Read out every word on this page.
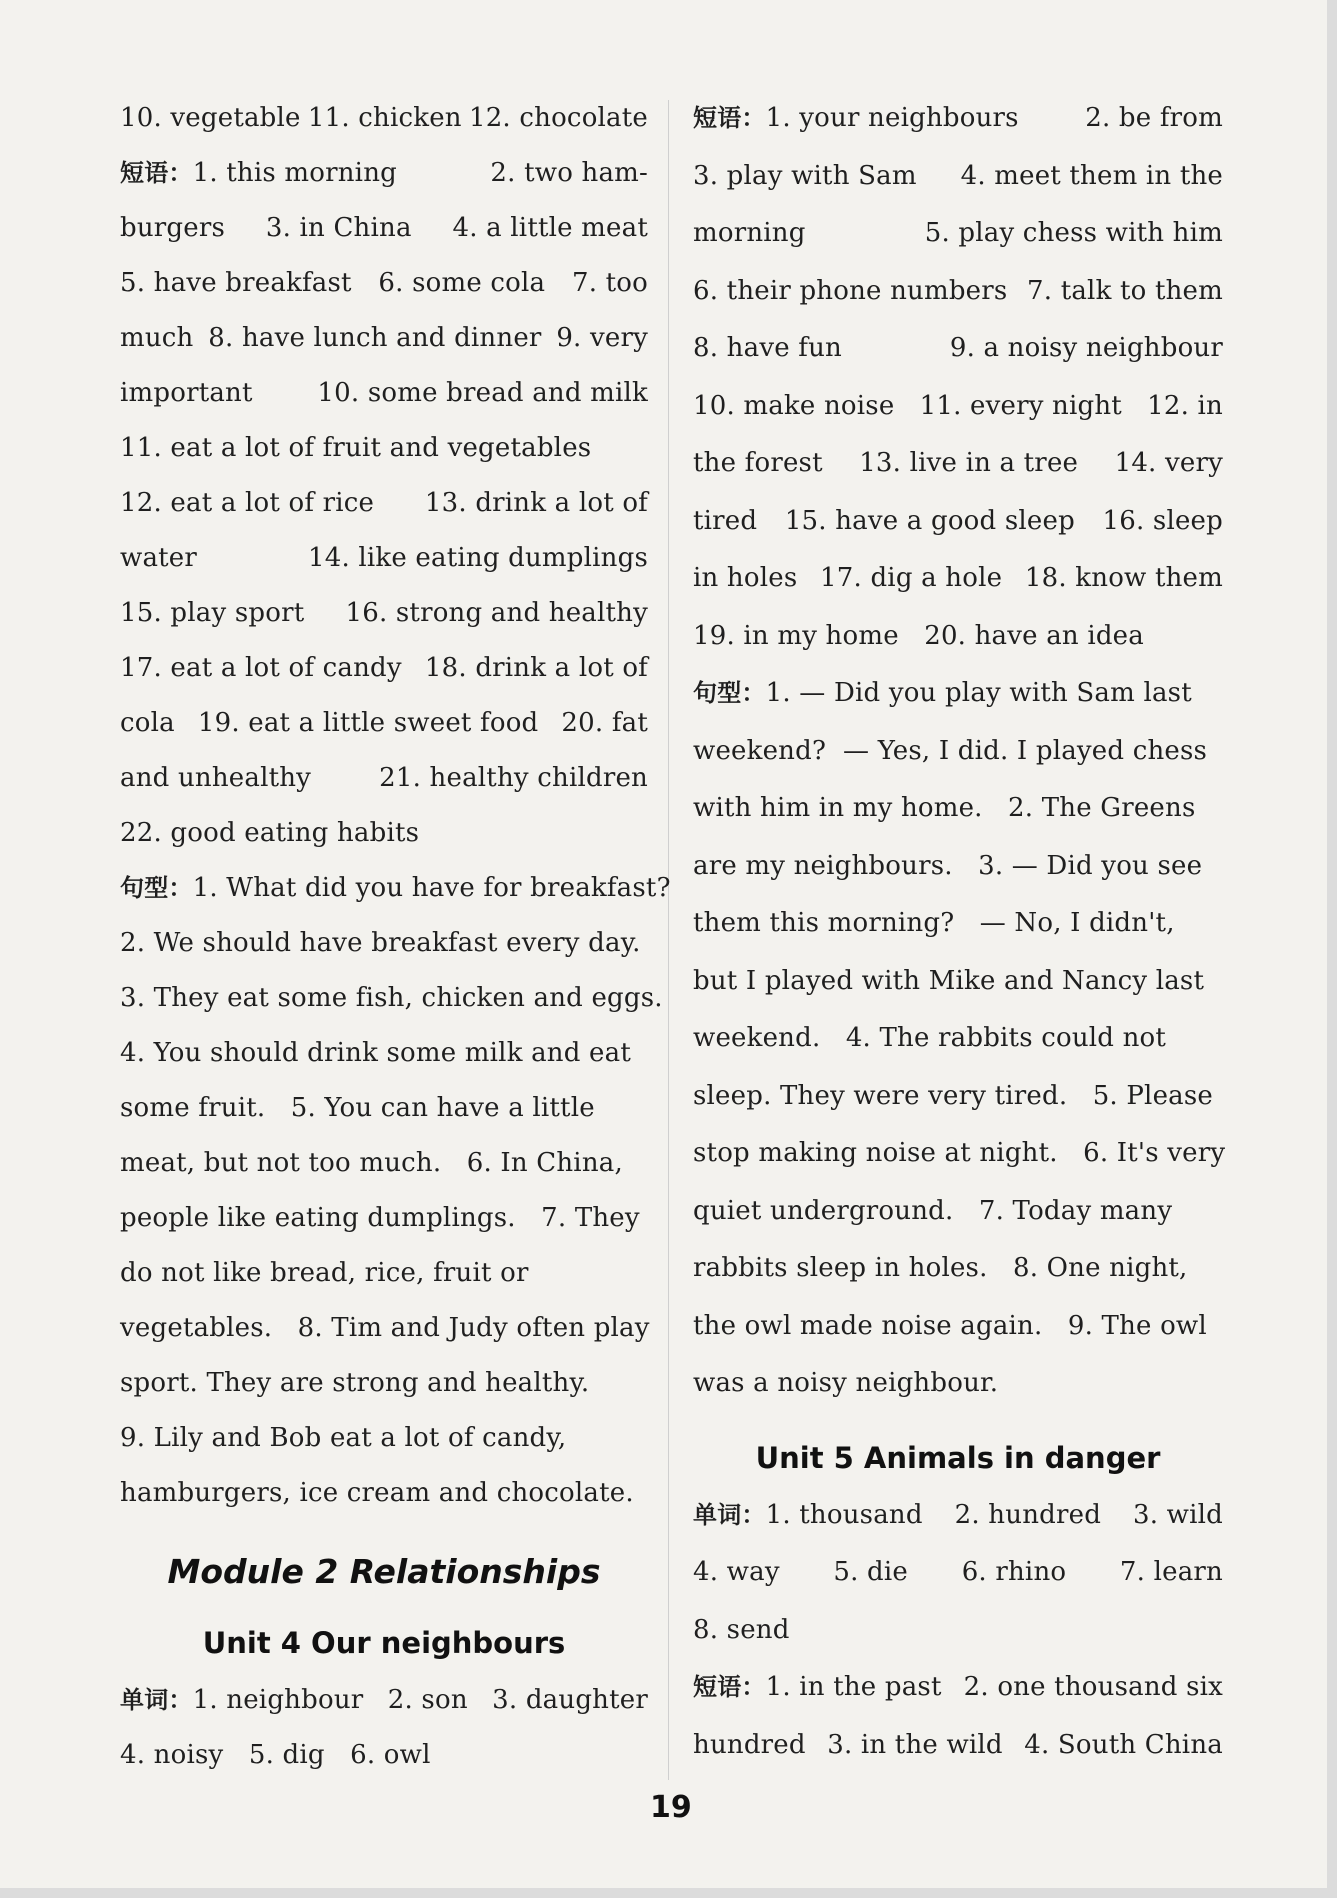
10. vegetable 11. chicken 12. chocolate

短语：1. this morning	2. two ham-

burgers 3. in China 4. a little meat

5. have breakfast 6. some cola 7. too

much 8. have lunch and dinner 9. very

important 10. some bread and milk

11. eat a lot of fruit and vegetables

12. eat a lot of rice 13. drink a lot of

water	14. like eating dumplings

15. play sport 16. strong and healthy

17. eat a lot of candy 18. drink a lot of

cola 19. eat a little sweet food 20. fat

and unhealthy	21. healthy children

22. good eating habits

句型： 1. What did you have for breakfast?

2. We should have breakfast every day.

3. They eat some fish, chicken and eggs.

4. You should drink some milk and eat

some fruit.   5. You can have a little

meat, but not too much.   6. In China,

people like eating dumplings.   7. They

do not like bread, rice, fruit or

vegetables.   8. Tim and Judy often play

sport. They are strong and healthy.

9. Lily and Bob eat a lot of candy,

hamburgers, ice cream and chocolate.

Module 2 Relationships
Unit 4 Our neighbours

单词：1. neighbour 2. son 3. daughter

4. noisy
5. dig
6. owl

短语：1. your neighbours	2. be from

3. play with Sam 4. meet them in the

morning	5. play chess with him

6. their phone numbers 7. talk to them

8. have fun	9. a noisy neighbour

10. make noise 11. every night 12. in

the forest 13. live in a tree 14. very

tired 15. have a good sleep 16. sleep

in holes 17. dig a hole 18. know them

19. in my home
20. have an idea

句型： 1. — Did you play with Sam last

weekend?  — Yes, I did. I played chess

with him in my home.   2. The Greens

are my neighbours.   3. — Did you see

them this morning?   — No, I didn't,

but I played with Mike and Nancy last

weekend.   4. The rabbits could not

sleep. They were very tired.   5. Please

stop making noise at night.   6. It's very

quiet underground.   7. Today many

rabbits sleep in holes.   8. One night,

the owl made noise again.   9. The owl

was a noisy neighbour.

Unit 5 Animals in danger

单词：1. thousand 2. hundred 3. wild

4. way 5. die 6. rhino 7. learn

8. send

短语：1. in the past 2. one thousand six

hundred 3. in the wild 4. South China

19
